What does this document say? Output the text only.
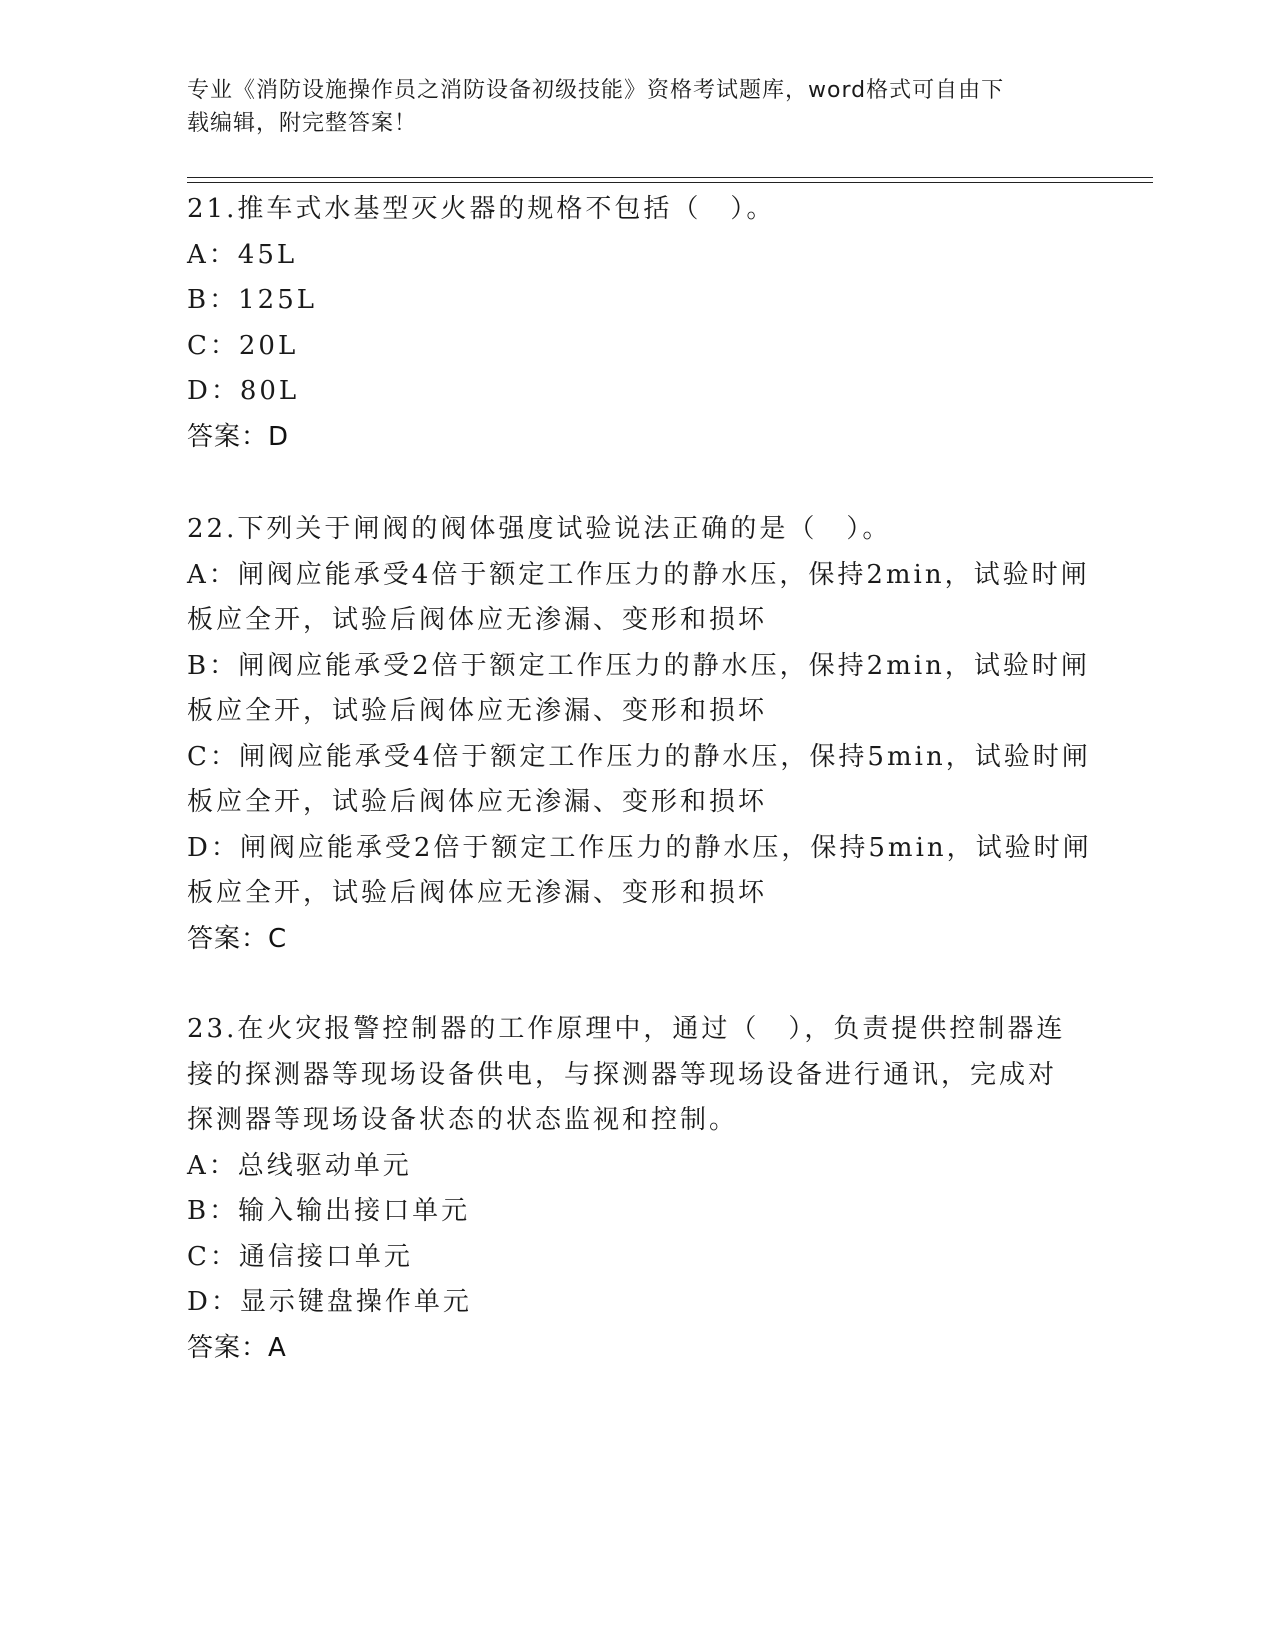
专业《消防设施操作员之消防设备初级技能》资格考试题库，word格式可自由下
载编辑，附完整答案！
21.推车式水基型灭火器的规格不包括（　）。
A：45L
B：125L
C：20L
D：80L
答案：D
22.下列关于闸阀的阀体强度试验说法正确的是（　）。
A：闸阀应能承受4倍于额定工作压力的静水压，保持2min，试验时闸
板应全开，试验后阀体应无渗漏、变形和损坏
B：闸阀应能承受2倍于额定工作压力的静水压，保持2min，试验时闸
板应全开，试验后阀体应无渗漏、变形和损坏
C：闸阀应能承受4倍于额定工作压力的静水压，保持5min，试验时闸
板应全开，试验后阀体应无渗漏、变形和损坏
D：闸阀应能承受2倍于额定工作压力的静水压，保持5min，试验时闸
板应全开，试验后阀体应无渗漏、变形和损坏
答案：C
23.在火灾报警控制器的工作原理中，通过（　），负责提供控制器连
接的探测器等现场设备供电，与探测器等现场设备进行通讯，完成对
探测器等现场设备状态的状态监视和控制。
A：总线驱动单元
B：输入输出接口单元
C：通信接口单元
D：显示键盘操作单元
答案：A
